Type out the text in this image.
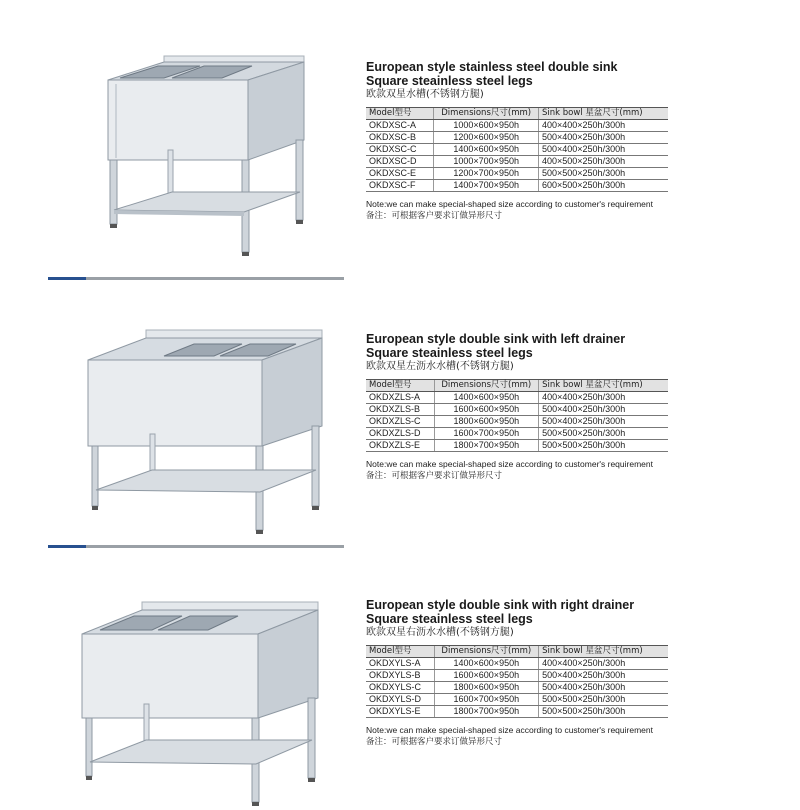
European style stainless steel double sink

Square steainless steel legs

欧款双星水槽(不锈钢方腿)

Model型号	Dimensions尺寸(mm)	Sink bowl 星盆尺寸(mm)
OKDXSC-A	1000×600×950h	400×400×250h/300h
OKDXSC-B	1200×600×950h	500×400×250h/300h
OKDXSC-C	1400×600×950h	500×400×250h/300h
OKDXSC-D	1000×700×950h	400×500×250h/300h
OKDXSC-E	1200×700×950h	500×500×250h/300h
OKDXSC-F	1400×700×950h	600×500×250h/300h
Note:we can make special-shaped size according to customer's requirement
备注：可根据客户要求订做异形尺寸

European style double sink with left drainer

Square steainless steel legs

欧款双星左沥水水槽(不锈钢方腿)

Model型号	Dimensions尺寸(mm)	Sink bowl 星盆尺寸(mm)
OKDXZLS-A	1400×600×950h	400×400×250h/300h
OKDXZLS-B	1600×600×950h	500×400×250h/300h
OKDXZLS-C	1800×600×950h	500×400×250h/300h
OKDXZLS-D	1600×700×950h	500×500×250h/300h
OKDXZLS-E	1800×700×950h	500×500×250h/300h
Note:we can make special-shaped size according to customer's requirement
备注：可根据客户要求订做异形尺寸

European style double sink with right drainer

Square steainless steel legs

欧款双星右沥水水槽(不锈钢方腿)

Model型号	Dimensions尺寸(mm)	Sink bowl 星盆尺寸(mm)
OKDXYLS-A	1400×600×950h	400×400×250h/300h
OKDXYLS-B	1600×600×950h	500×400×250h/300h
OKDXYLS-C	1800×600×950h	500×400×250h/300h
OKDXYLS-D	1600×700×950h	500×500×250h/300h
OKDXYLS-E	1800×700×950h	500×500×250h/300h
Note:we can make special-shaped size according to customer's requirement
备注：可根据客户要求订做异形尺寸
